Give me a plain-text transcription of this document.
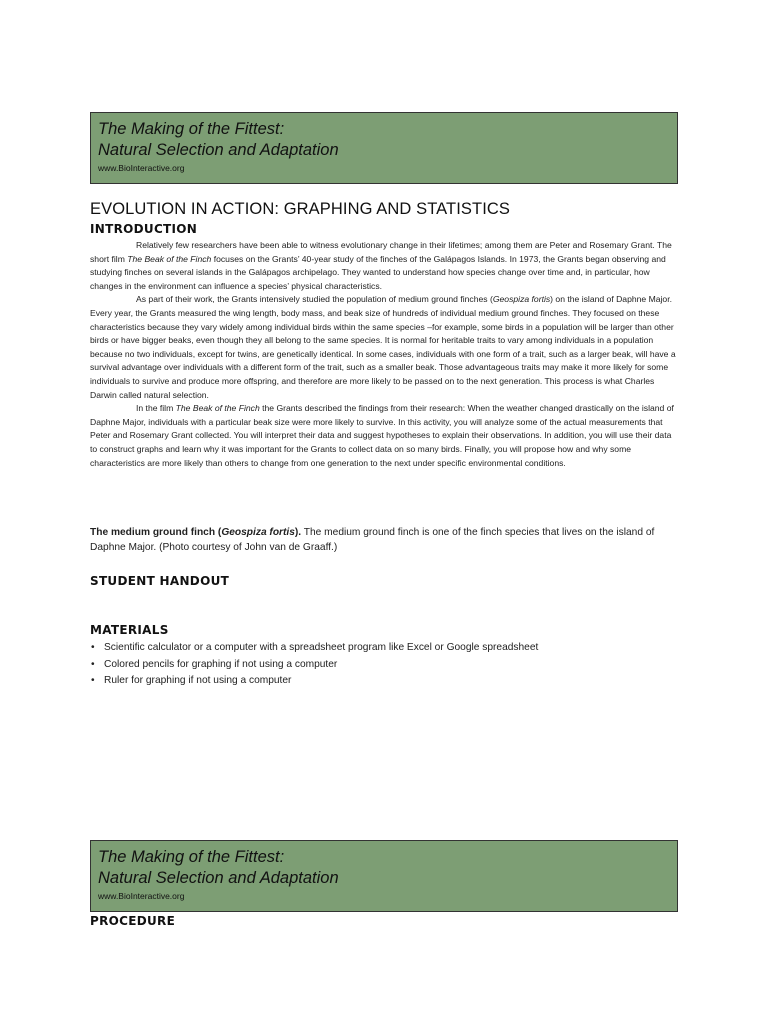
The Making of the Fittest:
Natural Selection and Adaptation
www.BioInteractive.org
EVOLUTION IN ACTION: GRAPHING AND STATISTICS
INTRODUCTION

Relatively few researchers have been able to witness evolutionary change in their lifetimes; among them are Peter and Rosemary Grant. The short film The Beak of the Finch focuses on the Grants’ 40-year study of the finches of the Galápagos Islands. In 1973, the Grants began observing and studying finches on several islands in the Galápagos archipelago. They wanted to understand how species change over time and, in particular, how changes in the environment can influence a species’ physical characteristics.

As part of their work, the Grants intensively studied the population of medium ground finches (Geospiza fortis) on the island of Daphne Major. Every year, the Grants measured the wing length, body mass, and beak size of hundreds of individual medium ground finches. They focused on these characteristics because they vary widely among individual birds within the same species –for example, some birds in a population will be larger than other birds or have bigger beaks, even though they all belong to the same species. It is normal for heritable traits to vary among individuals in a population because no two individuals, except for twins, are genetically identical. In some cases, individuals with one form of a trait, such as a larger beak, will have a survival advantage over individuals with a different form of the trait, such as a smaller beak. Those advantageous traits may make it more likely for some individuals to survive and produce more offspring, and therefore are more likely to be passed on to the next generation. This process is what Charles Darwin called natural selection.

In the film The Beak of the Finch the Grants described the findings from their research: When the weather changed drastically on the island of Daphne Major, individuals with a particular beak size were more likely to survive. In this activity, you will analyze some of the actual measurements that Peter and Rosemary Grant collected. You will interpret their data and suggest hypotheses to explain their observations. In addition, you will use their data to construct graphs and learn why it was important for the Grants to collect data on so many birds. Finally, you will propose how and why some characteristics are more likely than others to change from one generation to the next under specific environmental conditions.

The medium ground finch (Geospiza fortis). The medium ground finch is one of the finch species that lives on the island of Daphne Major. (Photo courtesy of John van de Graaff.)
STUDENT HANDOUT
MATERIALS
• Scientific calculator or a computer with a spreadsheet program like Excel or Google spreadsheet
• Colored pencils for graphing if not using a computer
• Ruler for graphing if not using a computer
The Making of the Fittest:
Natural Selection and Adaptation
www.BioInteractive.org
PROCEDURE
